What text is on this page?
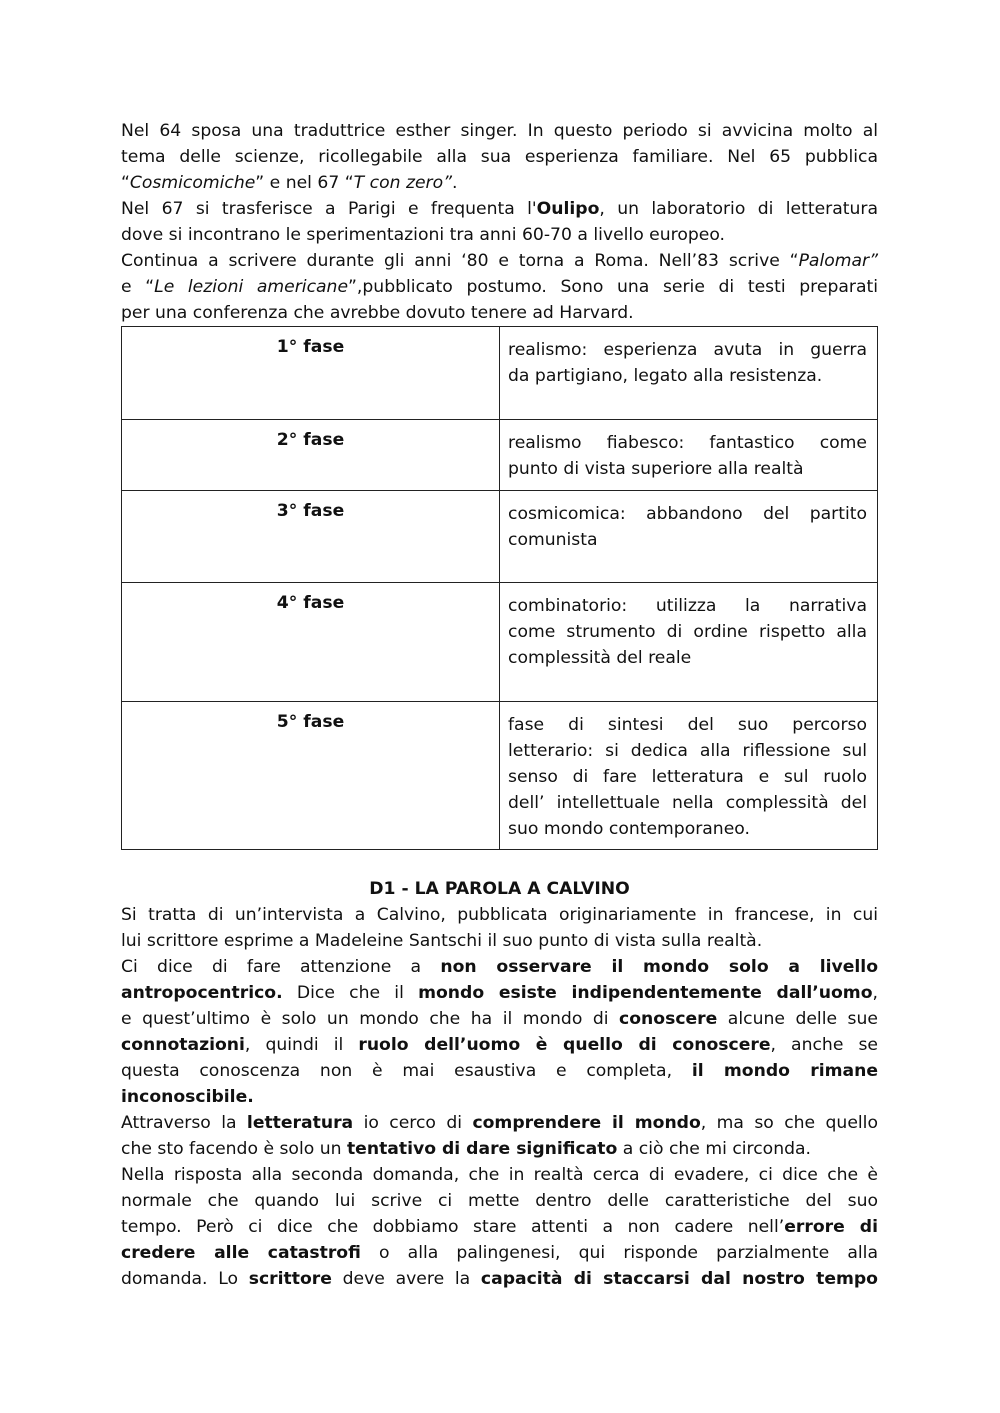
Nel 64 sposa una traduttrice esther singer. In questo periodo si avvicina molto al
tema delle scienze, ricollegabile alla sua esperienza familiare. Nel 65 pubblica
“Cosmicomiche” e nel 67 “T con zero”.
Nel 67 si trasferisce a Parigi e frequenta l'Oulipo, un laboratorio di letteratura
dove si incontrano le sperimentazioni tra anni 60-70 a livello europeo.
Continua a scrivere durante gli anni ‘80 e torna a Roma. Nell’83 scrive “Palomar”
e “Le lezioni americane”,pubblicato postumo. Sono una serie di testi preparati
per una conferenza che avrebbe dovuto tenere ad Harvard.
1° fase	realismo: esperienza avuta in guerra
da partigiano, legato alla resistenza.

2° fase	realismo fiabesco: fantastico come
punto di vista superiore alla realtà

3° fase	cosmicomica: abbandono del partito
comunista

4° fase	combinatorio: utilizza la narrativa
come strumento di ordine rispetto alla
complessità del reale

5° fase	fase di sintesi del suo percorso
letterario: si dedica alla riflessione sul
senso di fare letteratura e sul ruolo
dell’ intellettuale nella complessità del
suo mondo contemporaneo.
D1 - LA PAROLA A CALVINO
Si tratta di un’intervista a Calvino, pubblicata originariamente in francese, in cui
lui scrittore esprime a Madeleine Santschi il suo punto di vista sulla realtà.
Ci dice di fare attenzione a non osservare il mondo solo a livello
antropocentrico. Dice che il mondo esiste indipendentemente dall’uomo,
e quest’ultimo è solo un mondo che ha il mondo di conoscere alcune delle sue
connotazioni, quindi il ruolo dell’uomo è quello di conoscere, anche se
questa conoscenza non è mai esaustiva e completa, il mondo rimane
inconoscibile.
Attraverso la letteratura io cerco di comprendere il mondo, ma so che quello
che sto facendo è solo un tentativo di dare significato a ciò che mi circonda.
Nella risposta alla seconda domanda, che in realtà cerca di evadere, ci dice che è
normale che quando lui scrive ci mette dentro delle caratteristiche del suo
tempo. Però ci dice che dobbiamo stare attenti a non cadere nell’errore di
credere alle catastrofi o alla palingenesi, qui risponde parzialmente alla
domanda. Lo scrittore deve avere la capacità di staccarsi dal nostro tempo
